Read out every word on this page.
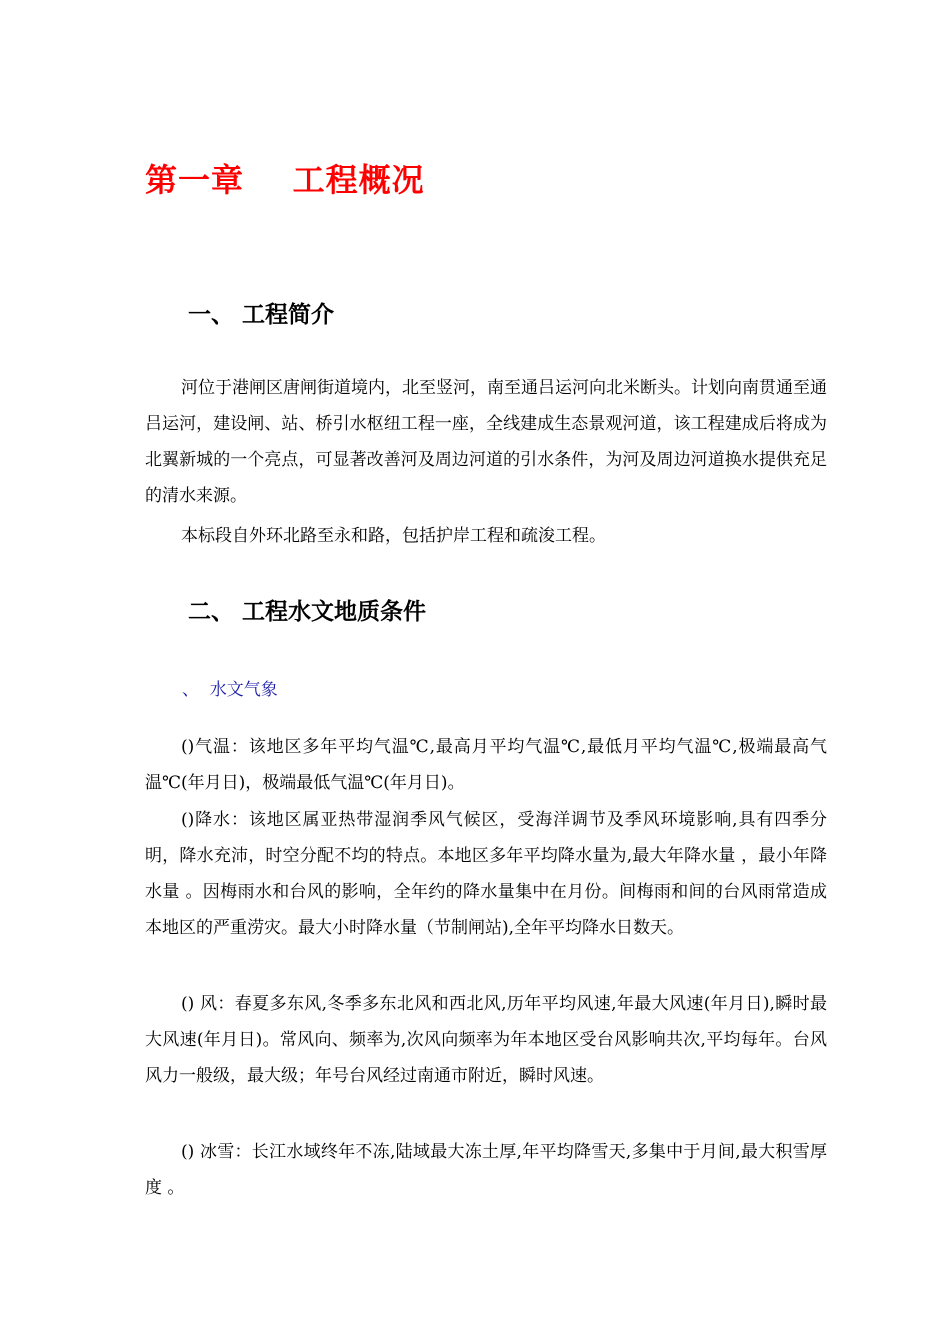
第一章    工程概况
一、 工程简介

河位于港闸区唐闸街道境内，北至竖河，南至通吕运河向北米断头。计划向南贯通至通吕运河，建设闸、站、桥引水枢纽工程一座，全线建成生态景观河道，该工程建成后将成为北翼新城的一个亮点，可显著改善河及周边河道的引水条件，为河及周边河道换水提供充足的清水来源。

本标段自外环北路至永和路，包括护岸工程和疏浚工程。

二、 工程水文地质条件
、  水文气象

()气温：该地区多年平均气温℃,最高月平均气温℃,最低月平均气温℃,极端最高气温℃(年月日)，极端最低气温℃(年月日)。

()降水：该地区属亚热带湿润季风气候区，受海洋调节及季风环境影响,具有四季分明，降水充沛，时空分配不均的特点。本地区多年平均降水量为,最大年降水量 ，最小年降水量 。因梅雨水和台风的影响，全年约的降水量集中在月份。间梅雨和间的台风雨常造成本地区的严重涝灾。最大小时降水量（节制闸站),全年平均降水日数天。

() 风：春夏多东风,冬季多东北风和西北风,历年平均风速,年最大风速(年月日),瞬时最大风速(年月日)。常风向、频率为,次风向频率为年本地区受台风影响共次,平均每年。台风风力一般级，最大级；年号台风经过南通市附近，瞬时风速。

() 冰雪：长江水域终年不冻,陆域最大冻土厚,年平均降雪天,多集中于月间,最大积雪厚度 。
